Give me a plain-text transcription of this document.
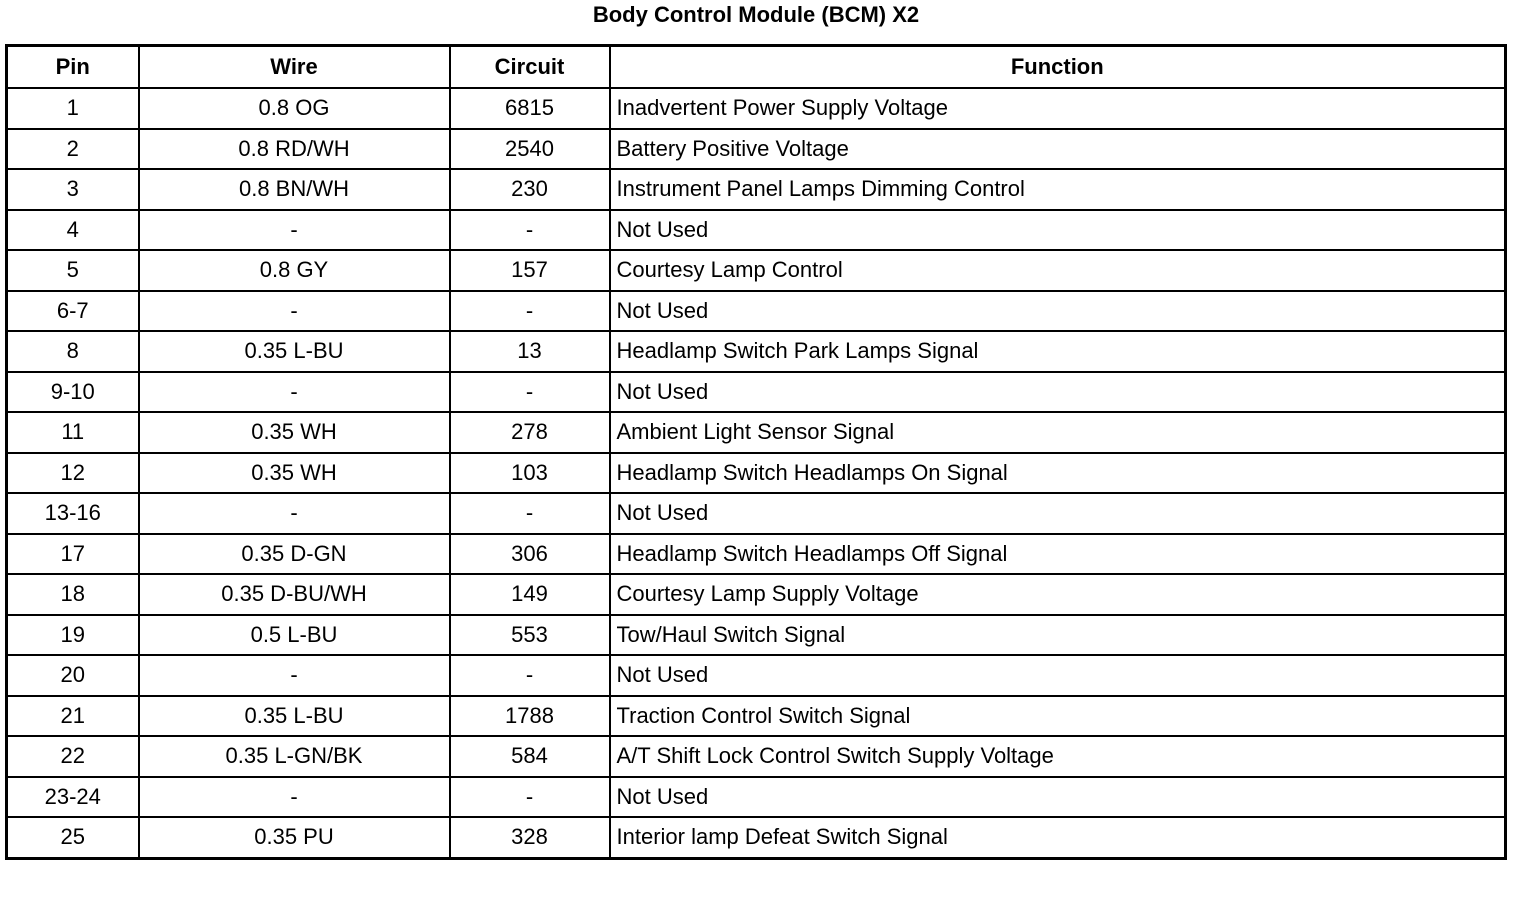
Body Control Module (BCM) X2
Pin	Wire	Circuit	Function
1	0.8 OG	6815	Inadvertent Power Supply Voltage
2	0.8 RD/WH	2540	Battery Positive Voltage
3	0.8 BN/WH	230	Instrument Panel Lamps Dimming Control
4	-	-	Not Used
5	0.8 GY	157	Courtesy Lamp Control
6-7	-	-	Not Used
8	0.35 L-BU	13	Headlamp Switch Park Lamps Signal
9-10	-	-	Not Used
11	0.35 WH	278	Ambient Light Sensor Signal
12	0.35 WH	103	Headlamp Switch Headlamps On Signal
13-16	-	-	Not Used
17	0.35 D-GN	306	Headlamp Switch Headlamps Off Signal
18	0.35 D-BU/WH	149	Courtesy Lamp Supply Voltage
19	0.5 L-BU	553	Tow/Haul Switch Signal
20	-	-	Not Used
21	0.35 L-BU	1788	Traction Control Switch Signal
22	0.35 L-GN/BK	584	A/T Shift Lock Control Switch Supply Voltage
23-24	-	-	Not Used
25	0.35 PU	328	Interior lamp Defeat Switch Signal
